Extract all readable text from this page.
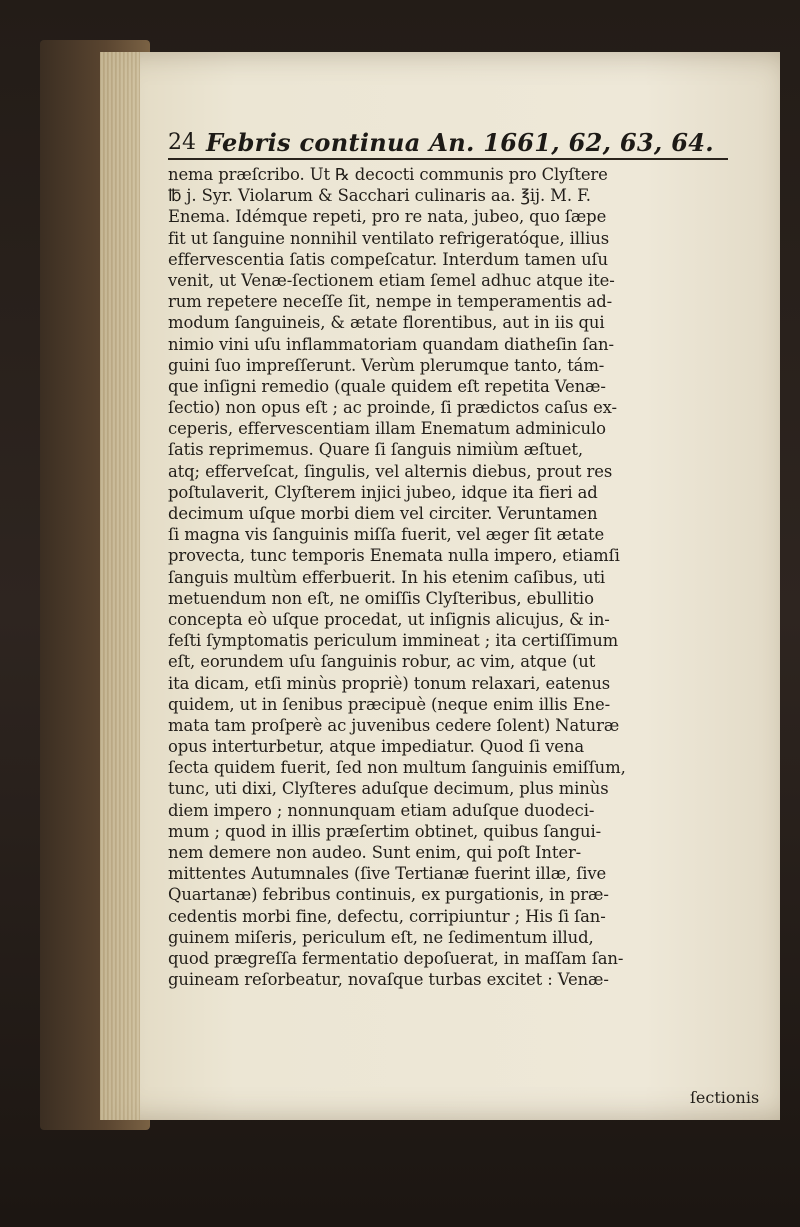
24 Febris continua An. 1661, 62, 63, 64.
nema præſcribo. Ut ℞ decocti communis pro Clyſtere
℔ j. Syr. Violarum & Sacchari culinaris aa. ℥ij. M. F.
Enema. Idémque repeti, pro re nata, jubeo, quo ſæpe
fit ut ſanguine nonnihil ventilato refrigeratóque, illius
effervescentia ſatis compeſcatur. Interdum tamen uſu
venit, ut Venæ-ſectionem etiam ſemel adhuc atque ite-
rum repetere neceſſe ſit, nempe in temperamentis ad-
modum ſanguineis, & ætate florentibus, aut in iis qui
nimio vini uſu inflammatoriam quandam diatheſin ſan-
guini ſuo impreſſerunt. Verùm plerumque tanto, tám-
que inſigni remedio (quale quidem eſt repetita Venæ-
ſectio) non opus eſt ; ac proinde, ſi prædictos caſus ex-
ceperis, effervescentiam illam Enematum adminiculo
ſatis reprimemus. Quare ſi ſanguis nimiùm æſtuet,
atq; efferveſcat, ſingulis, vel alternis diebus, prout res
poſtulaverit, Clyſterem injici jubeo, idque ita fieri ad
decimum uſque morbi diem vel circiter. Veruntamen
ſi magna vis ſanguinis miſſa fuerit, vel æger ſit ætate
provecta, tunc temporis Enemata nulla impero, etiamſi
ſanguis multùm efferbuerit. In his etenim caſibus, uti
metuendum non eſt, ne omiſſis Clyſteribus, ebullitio
concepta eò uſque procedat, ut inſignis alicujus, & in-
feſti ſymptomatis periculum immineat ; ita certiſſimum
eſt, eorundem uſu ſanguinis robur, ac vim, atque (ut
ita dicam, etſi minùs propriè) tonum relaxari, eatenus
quidem, ut in ſenibus præcipuè (neque enim illis Ene-
mata tam proſperè ac juvenibus cedere ſolent) Naturæ
opus interturbetur, atque impediatur. Quod ſi vena
ſecta quidem fuerit, ſed non multum ſanguinis emiſſum,
tunc, uti dixi, Clyſteres aduſque decimum, plus minùs
diem impero ; nonnunquam etiam aduſque duodeci-
mum ; quod in illis præſertim obtinet, quibus ſangui-
nem demere non audeo. Sunt enim, qui poſt Inter-
mittentes Autumnales (ſive Tertianæ fuerint illæ, ſive
Quartanæ) febribus continuis, ex purgationis, in præ-
cedentis morbi fine, defectu, corripiuntur ; His ſi ſan-
guinem miſeris, periculum eſt, ne ſedimentum illud,
quod prægreſſa fermentatio depoſuerat, in maſſam ſan-
guineam reſorbeatur, novaſque turbas excitet : Venæ-
ſectionis
